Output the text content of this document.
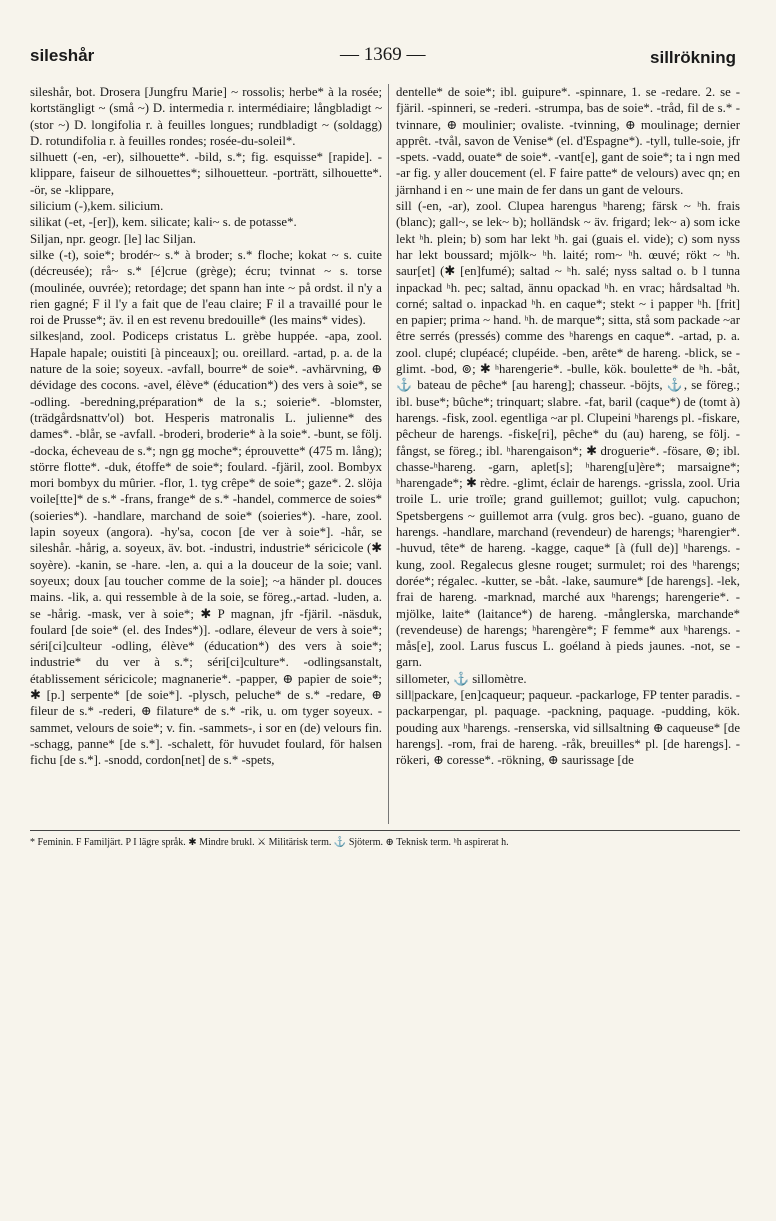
sileshår	— 1369 —	sillrökning

sileshår, bot. Drosera [Jungfru Marie] ~ rossolis; herbe* à la rosée; kortstängligt ~ (små ~) D. intermedia r. intermédiaire; långbladigt ~ (stor ~) D. longifolia r. à feuilles longues; rundbladigt ~ (soldagg) D. rotundifolia r. à feuilles rondes; rosée-du-soleil*.

silhuett (-en, -er), silhouette*. -bild, s.*; fig. esquisse* [rapide]. -klippare, faiseur de silhouettes*; silhouetteur. -porträtt, silhouette*. -ör, se -klippare,

silicium (-),kem. silicium.

silikat (-et, -[er]), kem. silicate; kali~ s. de potasse*.

Siljan, npr. geogr. [le] lac Siljan.

silke (-t), soie*; brodér~ s.* à broder; s.* floche; kokat ~ s. cuite (décreusée); rå~ s.* [é]crue (grège); écru; tvinnat ~ s. torse (moulinée, ouvrée); retordage; det spann han inte ~ på ordst. il n'y a rien gagné; F il l'y a fait que de l'eau claire; F il a travaillé pour le roi de Prusse*; äv. il en est revenu bredouille* (les mains* vides).

silkes|and, zool. Podiceps cristatus L. grèbe huppée. -apa, zool. Hapale hapale; ouistiti [à pinceaux]; ou. oreillard. -artad, p. a. de la nature de la soie; soyeux. -avfall, bourre* de soie*. -avhärvning, ⊕ dévidage des cocons. -avel, élève* (éducation*) des vers à soie*, se -odling. -beredning,préparation* de la s.; soierie*. -blomster, (trädgårdsnattv'ol) bot. Hesperis matronalis L. julienne* des dames*. -blår, se -avfall. -broderi, broderie* à la soie*. -bunt, se följ. -docka, écheveau de s.*; ngn gg moche*; éprouvette* (475 m. lång); större flotte*. -duk, étoffe* de soie*; foulard. -fjäril, zool. Bombyx mori bombyx du mûrier. -flor, 1. tyg crêpe* de soie*; gaze*. 2. slöja voile[tte]* de s.* -frans, frange* de s.* -handel, commerce de soies* (soieries*). -handlare, marchand de soie* (soieries*). -hare, zool. lapin soyeux (angora). -hy'sa, cocon [de ver à soie*]. -hår, se sileshår. -hårig, a. soyeux, äv. bot. -industri, industrie* séricicole (✱ soyère). -kanin, se -hare. -len, a. qui a la douceur de la soie; vanl. soyeux; doux [au toucher comme de la soie]; ~a händer pl. douces mains. -lik, a. qui ressemble à de la soie, se föreg.,-artad. -luden, a. se -hårig. -mask, ver à soie*; ✱ P magnan, jfr -fjäril. -näsduk, foulard [de soie* (el. des Indes*)]. -odlare, éleveur de vers à soie*; séri[ci]culteur -odling, élève* (éducation*) des vers à soie*; industrie* du ver à s.*; séri[ci]culture*. -odlingsanstalt, établissement séricicole; magnanerie*. -papper, ⊕ papier de soie*; ✱ [p.] serpente* [de soie*]. -plysch, peluche* de s.* -redare, ⊕ fileur de s.* -rederi, ⊕ filature* de s.* -rik, u. om tyger soyeux. -sammet, velours de soie*; v. fin. -sammets-, i sor en (de) velours fin. -schagg, panne* [de s.*]. -schalett, för huvudet foulard, för halsen fichu [de s.*]. -snodd, cordon[net] de s.* -spets,

dentelle* de soie*; ibl. guipure*. -spinnare, 1. se -redare. 2. se -fjäril. -spinneri, se -rederi. -strumpa, bas de soie*. -tråd, fil de s.* -tvinnare, ⊕ moulinier; ovaliste. -tvinning, ⊕ moulinage; dernier apprêt. -tvål, savon de Venise* (el. d'Espagne*). -tyll, tulle-soie, jfr -spets. -vadd, ouate* de soie*. -vant[e], gant de soie*; ta i ngn med -ar fig. y aller doucement (el. F faire patte* de velours) avec qn; en järnhand i en ~ une main de fer dans un gant de velours.

sill (-en, -ar), zool. Clupea harengus ʰhareng; färsk ~ ʰh. frais (blanc); gall~, se lek~ b); holländsk ~ äv. frigard; lek~ a) som icke lekt ʰh. plein; b) som har lekt ʰh. gai (guais el. vide); c) som nyss har lekt boussard; mjölk~ ʰh. laité; rom~ ʰh. œuvé; rökt ~ ʰh. saur[et] (✱ [en]fumé); saltad ~ ʰh. salé; nyss saltad o. b l tunna inpackad ʰh. pec; saltad, ännu opackad ʰh. en vrac; hårdsaltad ʰh. corné; saltad o. inpackad ʰh. en caque*; stekt ~ i papper ʰh. [frit] en papier; prima ~ hand. ʰh. de marque*; sitta, stå som packade ~ar être serrés (pressés) comme des ʰharengs en caque*. -artad, p. a. zool. clupé; clupéacé; clupéide. -ben, arête* de hareng. -blick, se -glimt. -bod, ⊚; ✱ ʰharengerie*. -bulle, kök. boulette* de ʰh. -båt, ⚓ bateau de pêche* [au hareng]; chasseur. -böjts, ⚓, se föreg.; ibl. buse*; bûche*; trinquart; slabre. -fat, baril (caque*) de (tomt à) harengs. -fisk, zool. egentliga ~ar pl. Clupeini ʰharengs pl. -fiskare, pêcheur de harengs. -fiske[ri], pêche* du (au) hareng, se följ. -fångst, se föreg.; ibl. ʰharengaison*; ✱ droguerie*. -fösare, ⊚; ibl. chasse-ʰhareng. -garn, aplet[s]; ʰhareng[u]ère*; marsaigne*; ʰharengade*; ✱ rèdre. -glimt, éclair de harengs. -grissla, zool. Uria troile L. urie troïle; grand guillemot; guillot; vulg. capuchon; Spetsbergens ~ guillemot arra (vulg. gros bec). -guano, guano de harengs. -handlare, marchand (revendeur) de harengs; ʰharengier*. -huvud, tête* de hareng. -kagge, caque* [à (full de)] ʰharengs. -kung, zool. Regalecus glesne rouget; surmulet; roi des ʰharengs; dorée*; régalec. -kutter, se -båt. -lake, saumure* [de harengs]. -lek, frai de hareng. -marknad, marché aux ʰharengs; harengerie*. -mjölke, laite* (laitance*) de hareng. -månglerska, marchande* (revendeuse) de harengs; ʰharengère*; F femme* aux ʰharengs. -mås[e], zool. Larus fuscus L. goéland à pieds jaunes. -not, se -garn.

sillometer, ⚓ sillomètre.

sill|packare, [en]caqueur; paqueur. -packarloge, FP tenter paradis. -packarpengar, pl. paquage. -packning, paquage. -pudding, kök. pouding aux ʰharengs. -renserska, vid sillsaltning ⊕ caqueuse* [de harengs]. -rom, frai de hareng. -råk, breuilles* pl. [de harengs]. -rökeri, ⊕ coresse*. -rökning, ⊕ saurissage [de

* Feminin. F Familjärt. P I lägre språk. ✱ Mindre brukl. ⚔ Militärisk term. ⚓ Sjöterm. ⊕ Teknisk term. ʰh aspirerat h.
